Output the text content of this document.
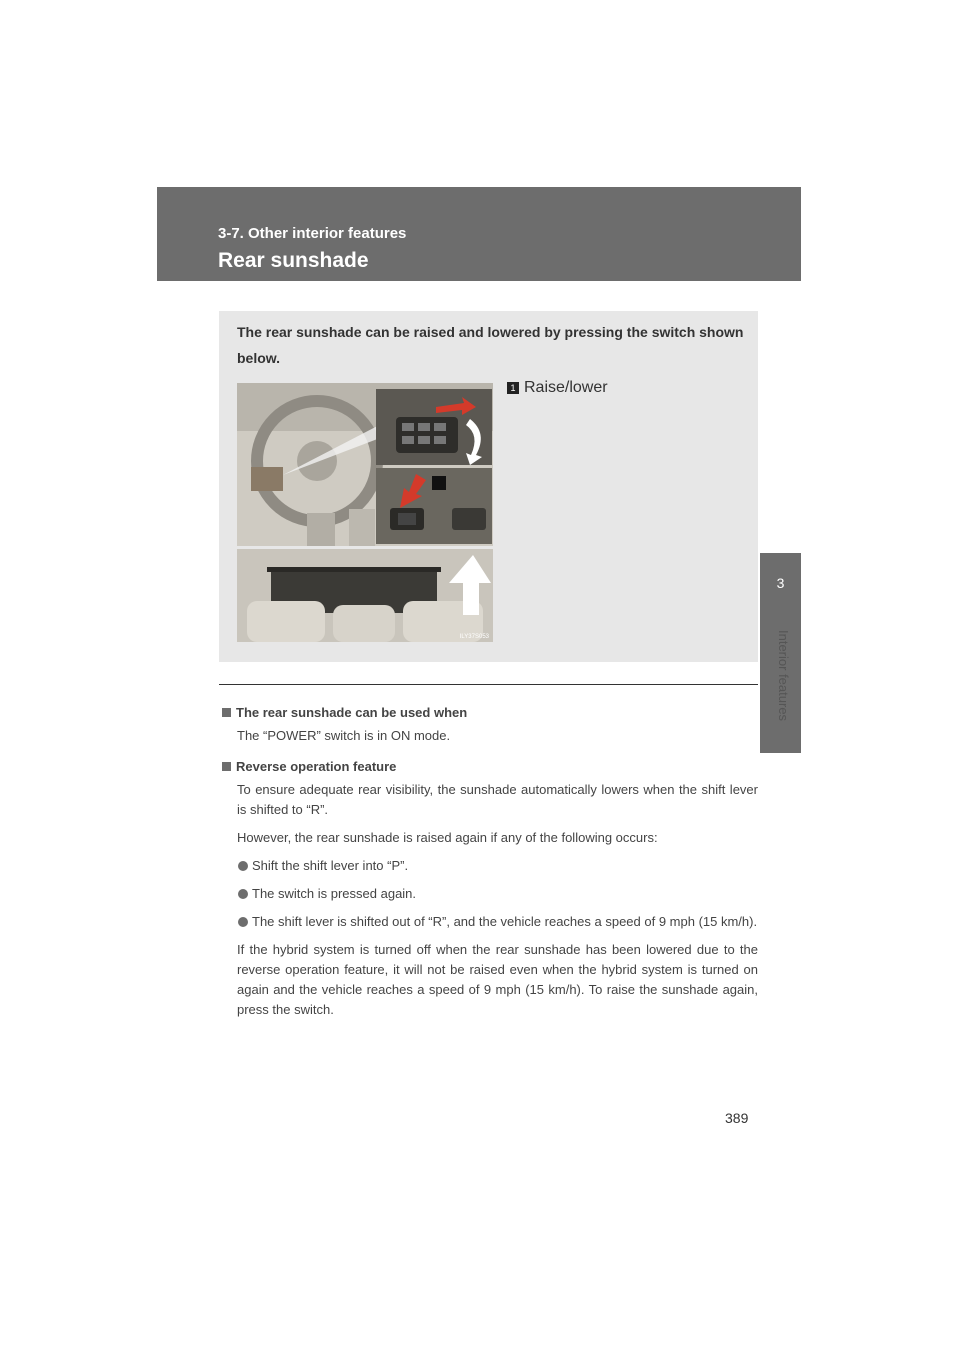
3-7. Other interior features

Rear sunshade
3
Interior features

The rear sunshade can be raised and lowered by pressing the switch shown below.

1 Raise/lower
ILY37S053
The rear sunshade can be used when

The “POWER” switch is in ON mode.

Reverse operation feature

To ensure adequate rear visibility, the sunshade automatically lowers when the shift lever is shifted to “R”.

However, the rear sunshade is raised again if any of the following occurs:

Shift the shift lever into “P”.
The switch is pressed again.
The shift lever is shifted out of “R”, and the vehicle reaches a speed of 9 mph (15 km/h).

If the hybrid system is turned off when the rear sunshade has been lowered due to the reverse operation feature, it will not be raised even when the hybrid system is turned on again and the vehicle reaches a speed of 9 mph (15 km/h). To raise the sunshade again, press the switch.

389
